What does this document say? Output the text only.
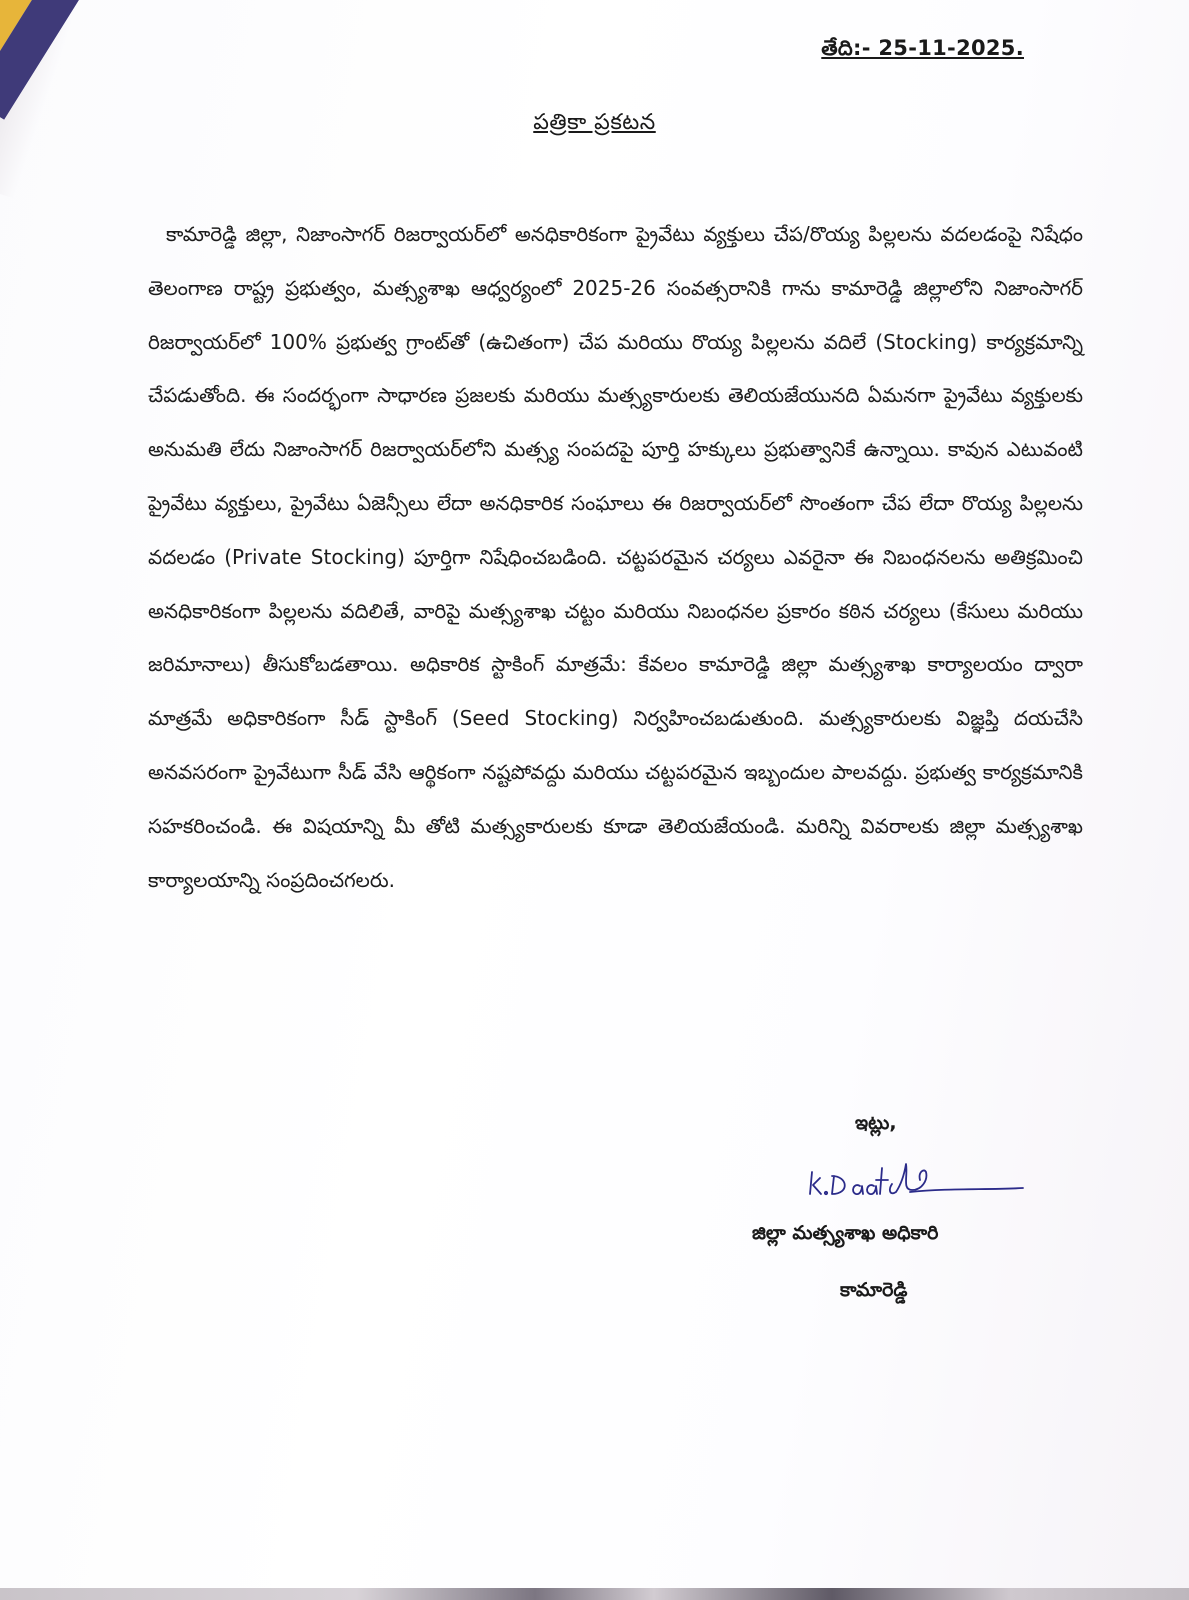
తేది:- 25-11-2025.
పత్రికా ప్రకటన

కామారెడ్డి జిల్లా, నిజాంసాగర్ రిజర్వాయర్‌లో అనధికారికంగా ప్రైవేటు వ్యక్తులు చేప/రొయ్య పిల్లలను వదలడంపై నిషేధం తెలంగాణ రాష్ట్ర ప్రభుత్వం, మత్స్యశాఖ ఆధ్వర్యంలో 2025-26 సంవత్సరానికి గాను కామారెడ్డి జిల్లాలోని నిజాంసాగర్ రిజర్వాయర్‌లో 100% ప్రభుత్వ గ్రాంట్‌తో (ఉచితంగా) చేప మరియు రొయ్య పిల్లలను వదిలే (Stocking) కార్యక్రమాన్ని చేపడుతోంది. ఈ సందర్భంగా సాధారణ ప్రజలకు మరియు మత్స్యకారులకు తెలియజేయునది ఏమనగా ప్రైవేటు వ్యక్తులకు అనుమతి లేదు నిజాంసాగర్ రిజర్వాయర్‌లోని మత్స్య సంపదపై పూర్తి హక్కులు ప్రభుత్వానికే ఉన్నాయి. కావున ఎటువంటి ప్రైవేటు వ్యక్తులు, ప్రైవేటు ఏజెన్సీలు లేదా అనధికారిక సంఘాలు ఈ రిజర్వాయర్‌లో సొంతంగా చేప లేదా రొయ్య పిల్లలను వదలడం (Private Stocking) పూర్తిగా నిషేధించబడింది. చట్టపరమైన చర్యలు ఎవరైనా ఈ నిబంధనలను అతిక్రమించి అనధికారికంగా పిల్లలను వదిలితే, వారిపై మత్స్యశాఖ చట్టం మరియు నిబంధనల ప్రకారం కఠిన చర్యలు (కేసులు మరియు జరిమానాలు) తీసుకోబడతాయి. అధికారిక స్టాకింగ్ మాత్రమే: కేవలం కామారెడ్డి జిల్లా మత్స్యశాఖ కార్యాలయం ద్వారా మాత్రమే అధికారికంగా సీడ్ స్టాకింగ్ (Seed Stocking) నిర్వహించబడుతుంది. మత్స్యకారులకు విజ్ఞప్తి దయచేసి అనవసరంగా ప్రైవేటుగా సీడ్ వేసి ఆర్థికంగా నష్టపోవద్దు మరియు చట్టపరమైన ఇబ్బందుల పాలవద్దు. ప్రభుత్వ కార్యక్రమానికి సహకరించండి. ఈ విషయాన్ని మీ తోటి మత్స్యకారులకు కూడా తెలియజేయండి. మరిన్ని వివరాలకు జిల్లా మత్స్యశాఖ కార్యాలయాన్ని సంప్రదించగలరు.

ఇట్లు,
జిల్లా మత్స్యశాఖ అధికారి
కామారెడ్డి
